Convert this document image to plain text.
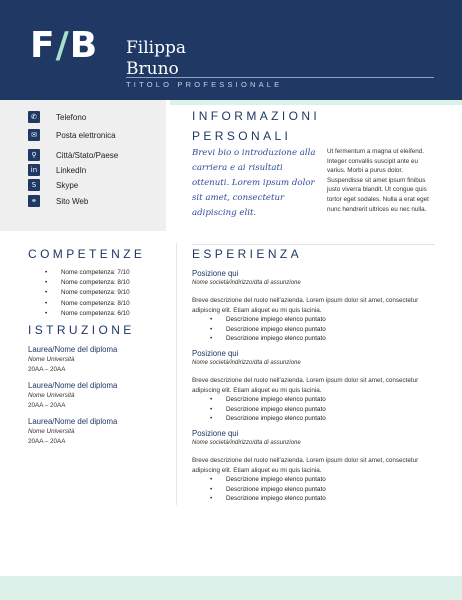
F/B Filippa
Bruno
TITOLO PROFESSIONALE
✆	Telefono
✉	Posta elettronica
⚲	Città/Stato/Paese
in	LinkedIn
S	Skype
⚭	Sito Web
INFORMAZIONI
PERSONALI
Brevi bio o introduzione alla carriera e ai risultati ottenuti. Lorem ipsum dolor sit amet, consectetur adipiscing elit.
Ut fermentum a magna ut eleifend. Integer convallis suscipit ante eu varius. Morbi a purus dolor. Suspendisse sit amet ipsum finibus justo viverra blandit. Ut congue quis tortor eget sodales. Nulla a erat eget nunc hendrerit ultrices eu nec nulla.
COMPETENZE
• Nome competenza: 7/10
• Nome competenza: 8/10
• Nome competenza: 9/10
• Nome competenza: 8/10
• Nome competenza: 6/10
ISTRUZIONE
Laurea/Nome del diploma
Nome Università
20AA – 20AA
Laurea/Nome del diploma
Nome Università
20AA – 20AA
Laurea/Nome del diploma
Nome Università
20AA – 20AA
ESPERIENZA
Posizione qui
Nome società/indirizzo/dta di assunzione
Breve descrizione del ruolo nell'azienda. Lorem ipsum dolor sit amet, consectetur adipiscing elit. Etiam aliquet eu mi quis lacinia.
• Descrizione impiego elenco puntato
• Descrizione impiego elenco puntato
• Descrizione impiego elenco puntato
Posizione qui
Nome società/indirizzo/dta di assunzione
Breve descrizione del ruolo nell'azienda. Lorem ipsum dolor sit amet, consectetur adipiscing elit. Etiam aliquet eu mi quis lacinia.
• Descrizione impiego elenco puntato
• Descrizione impiego elenco puntato
• Descrizione impiego elenco puntato
Posizione qui
Nome società/indirizzo/dta di assunzione
Breve descrizione del ruolo nell'azienda. Lorem ipsum dolor sit amet, consectetur adipiscing elit. Etiam aliquet eu mi quis lacinia.
• Descrizione impiego elenco puntato
• Descrizione impiego elenco puntato
• Descrizione impiego elenco puntato
